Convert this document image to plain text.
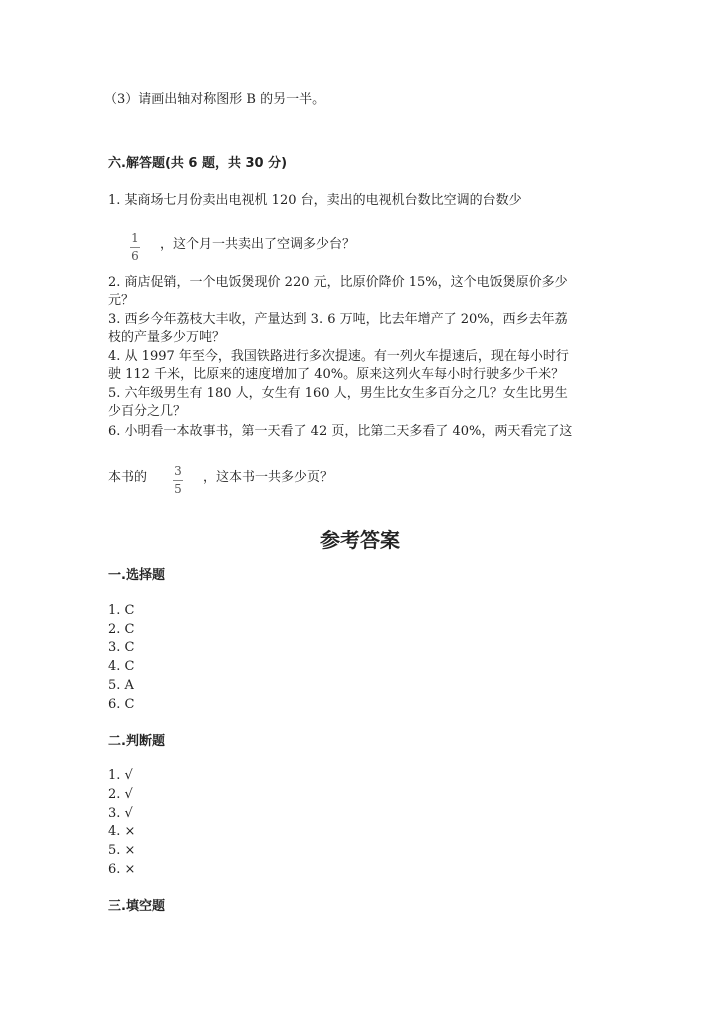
（3）请画出轴对称图形 B 的另一半。
六.解答题(共 6 题，共 30 分)
1. 某商场七月份卖出电视机 120 台，卖出的电视机台数比空调的台数少
1
6
，这个月一共卖出了空调多少台？
2. 商店促销，一个电饭煲现价 220 元，比原价降价 15%，这个电饭煲原价多少
元？
3. 西乡今年荔枝大丰收，产量达到 3. 6 万吨，比去年增产了 20%，西乡去年荔
枝的产量多少万吨？
4. 从 1997 年至今，我国铁路进行多次提速。有一列火车提速后，现在每小时行
驶 112 千米，比原来的速度增加了 40%。原来这列火车每小时行驶多少千米？
5. 六年级男生有 180 人，女生有 160 人，男生比女生多百分之几？女生比男生
少百分之几？
6. 小明看一本故事书，第一天看了 42 页，比第二天多看了 40%，两天看完了这
本书的 3
5
，这本书一共多少页？
参考答案
一.选择题
1. C
2. C
3. C
4. C
5. A
6. C
二.判断题
1. √
2. √
3. √
4. ×
5. ×
6. ×
三.填空题
